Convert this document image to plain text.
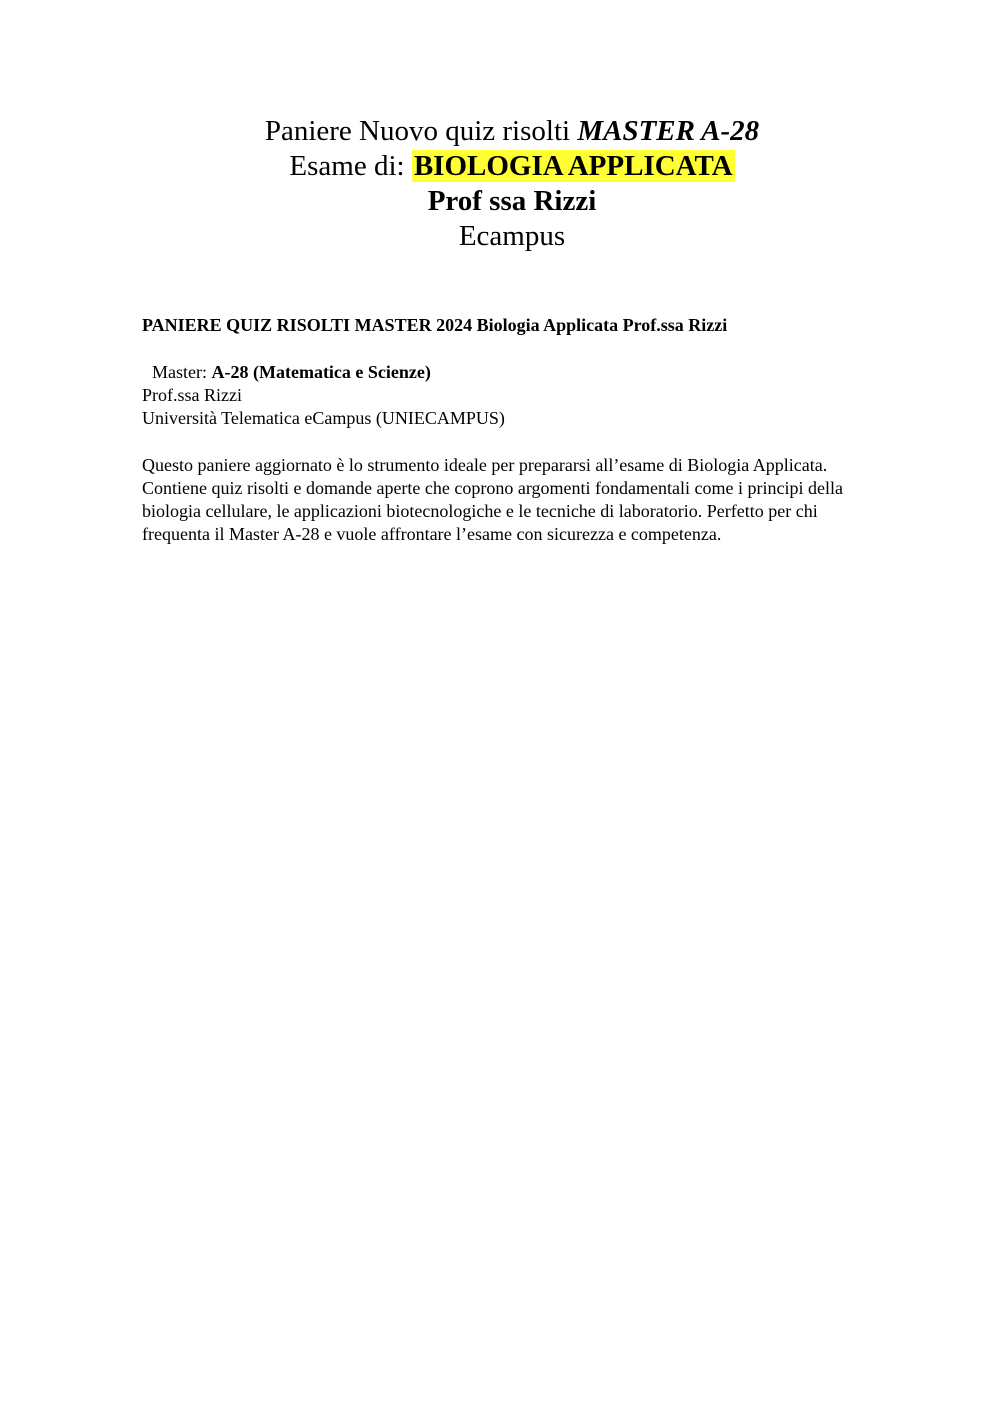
Paniere Nuovo quiz risolti MASTER A-28
Esame di: BIOLOGIA APPLICATA
Prof ssa Rizzi
Ecampus
PANIERE QUIZ RISOLTI MASTER 2024 Biologia Applicata Prof.ssa Rizzi
Master: A-28 (Matematica e Scienze)
Prof.ssa Rizzi
Università Telematica eCampus (UNIECAMPUS)
Questo paniere aggiornato è lo strumento ideale per prepararsi all’esame di Biologia Applicata. Contiene quiz risolti e domande aperte che coprono argomenti fondamentali come i principi della biologia cellulare, le applicazioni biotecnologiche e le tecniche di laboratorio. Perfetto per chi frequenta il Master A-28 e vuole affrontare l’esame con sicurezza e competenza.
